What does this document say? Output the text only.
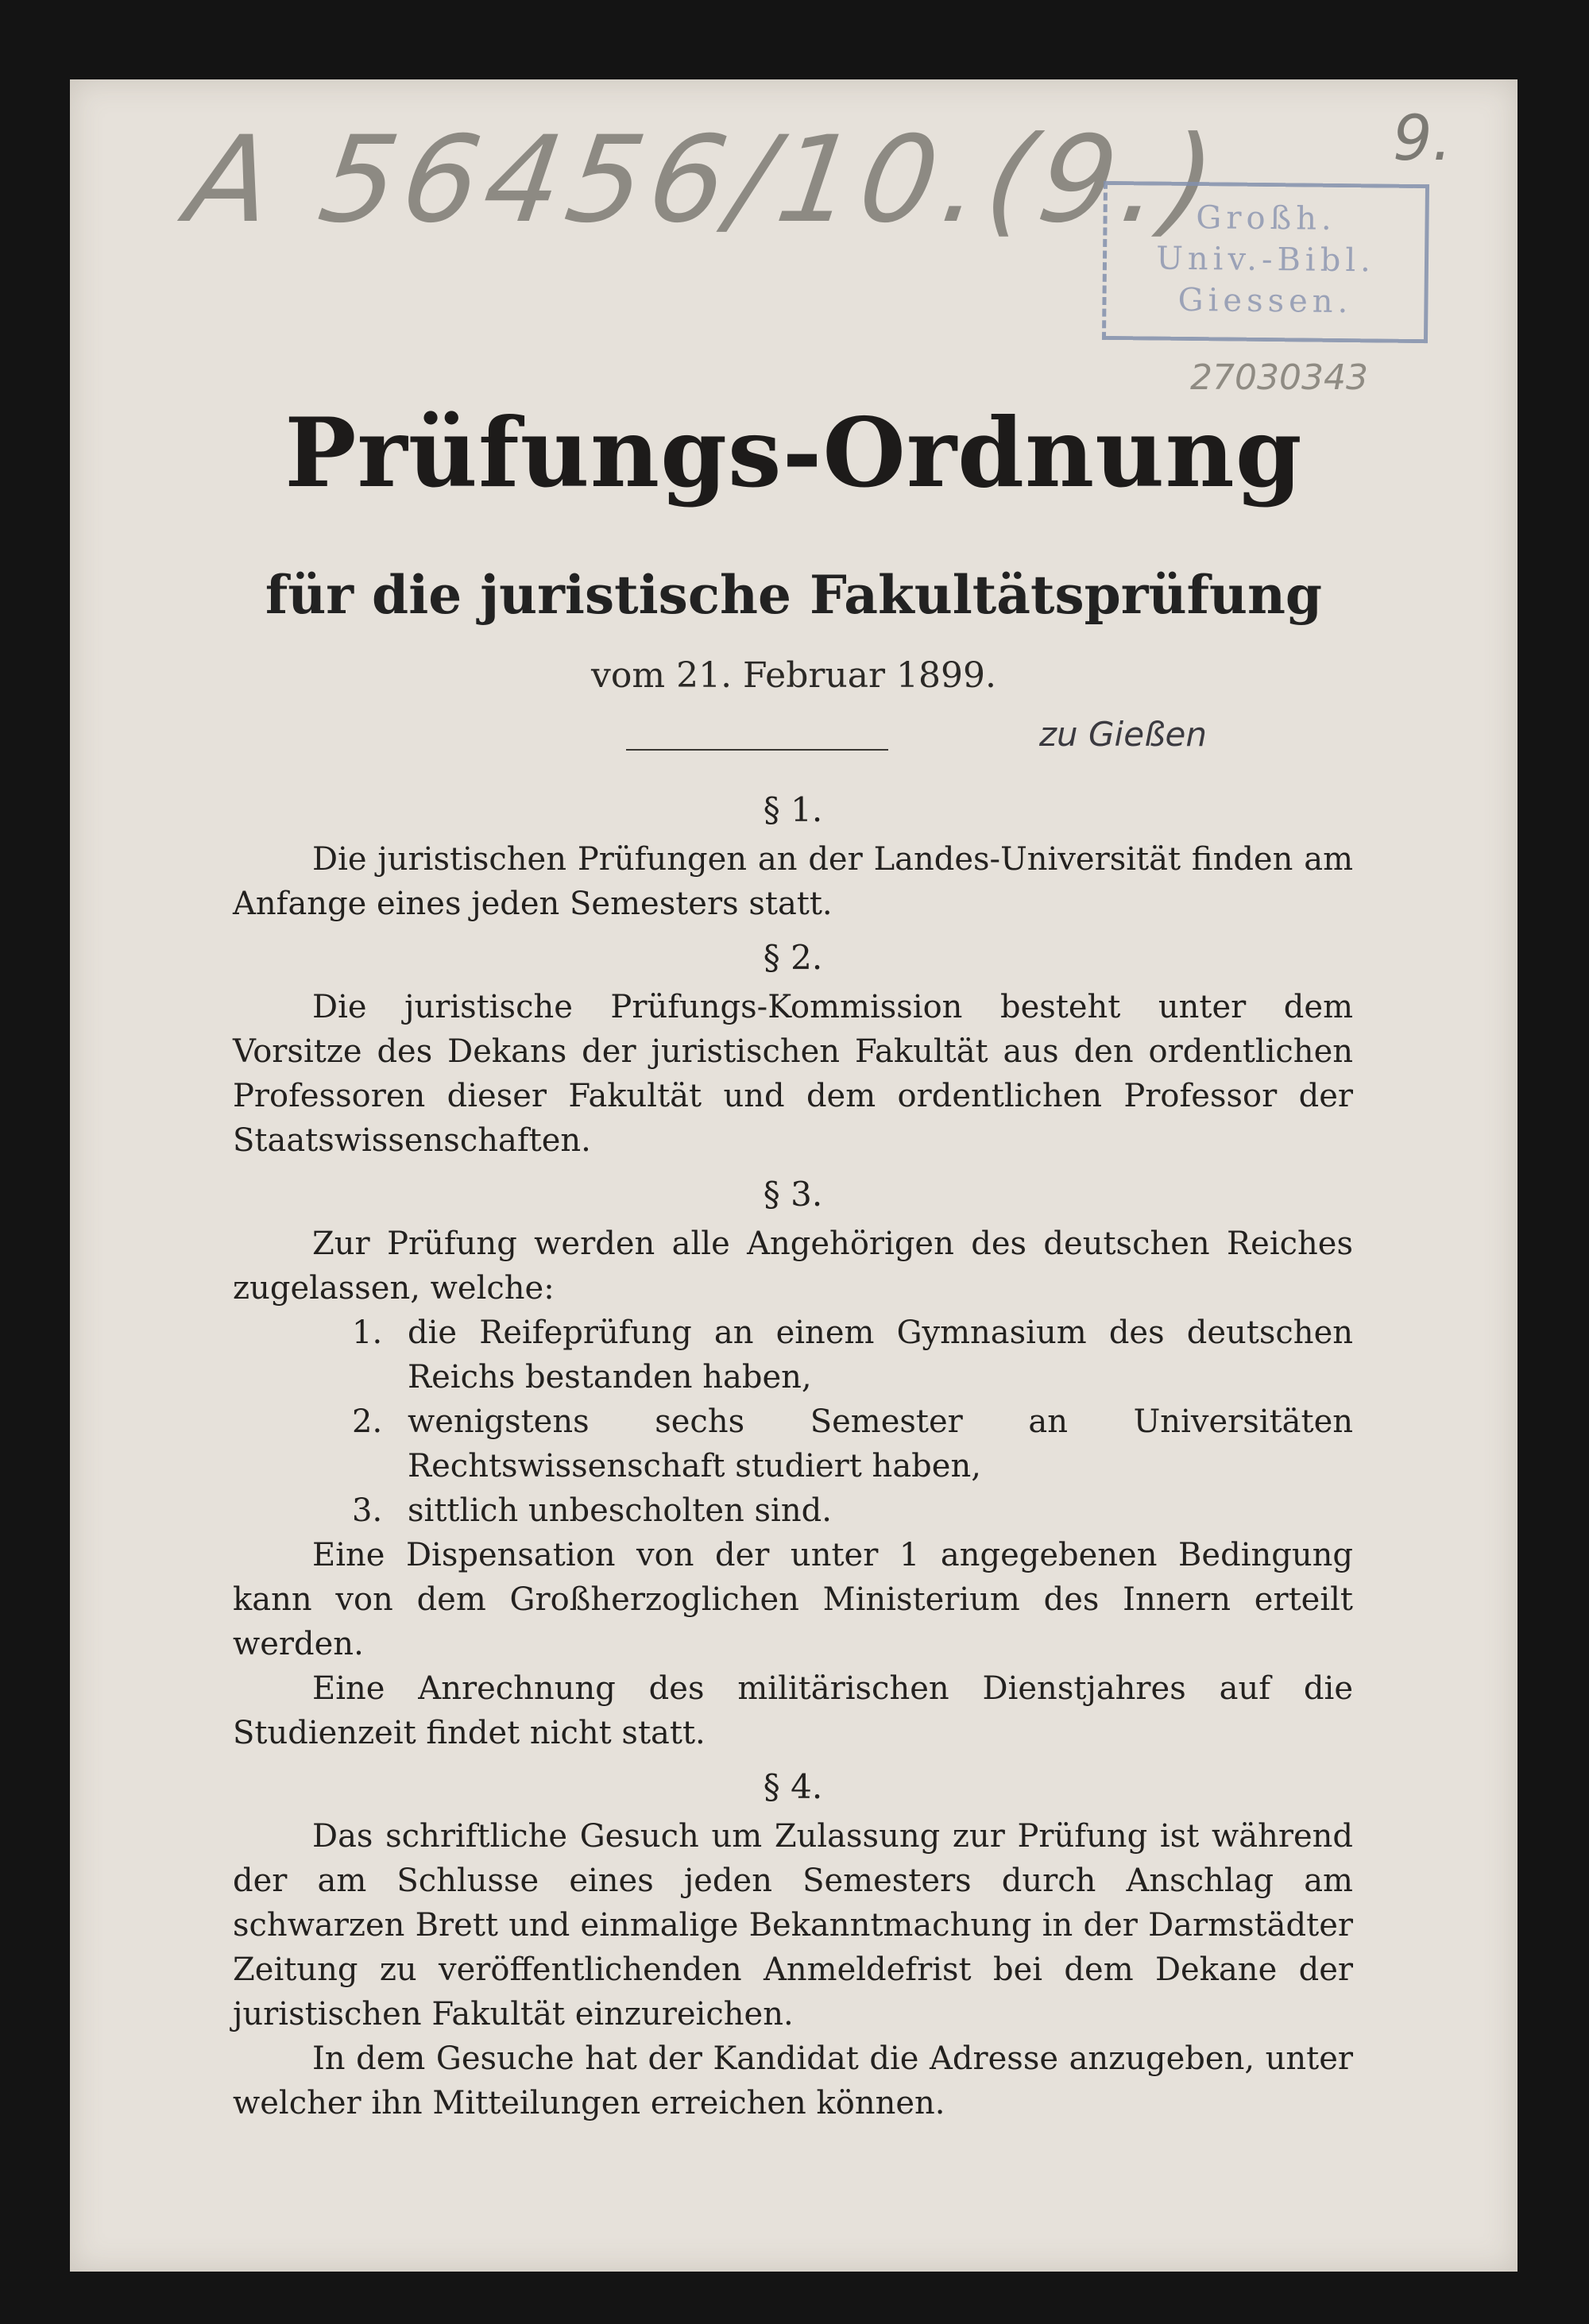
A 56456/10.(9.)	9.
Großh.
Univ.-Bibl.
Giessen.
27030343
Prüfungs-Ordnung
für die juristische Fakultätsprüfung
vom 21. Februar 1899.
zu Gießen
§ 1.

Die juristischen Prüfungen an der Landes-Universität finden am Anfange eines jeden Semesters statt.

§ 2.

Die juristische Prüfungs-Kommission besteht unter dem Vorsitze des Dekans der juristischen Fakultät aus den ordentlichen Professoren dieser Fakultät und dem ordentlichen Professor der Staatswissenschaften.

§ 3.

Zur Prüfung werden alle Angehörigen des deutschen Reiches zugelassen, welche:

1. die Reifeprüfung an einem Gymnasium des deutschen Reichs bestanden haben,
2. wenigstens sechs Semester an Universitäten Rechtswissenschaft studiert haben,
3. sittlich unbescholten sind.

Eine Dispensation von der unter 1 angegebenen Bedingung kann von dem Großherzoglichen Ministerium des Innern erteilt werden.

Eine Anrechnung des militärischen Dienstjahres auf die Studienzeit findet nicht statt.

§ 4.

Das schriftliche Gesuch um Zulassung zur Prüfung ist während der am Schlusse eines jeden Semesters durch Anschlag am schwarzen Brett und einmalige Bekanntmachung in der Darmstädter Zeitung zu veröffentlichenden Anmeldefrist bei dem Dekane der juristischen Fakultät einzureichen.

In dem Gesuche hat der Kandidat die Adresse anzugeben, unter welcher ihn Mitteilungen erreichen können.
